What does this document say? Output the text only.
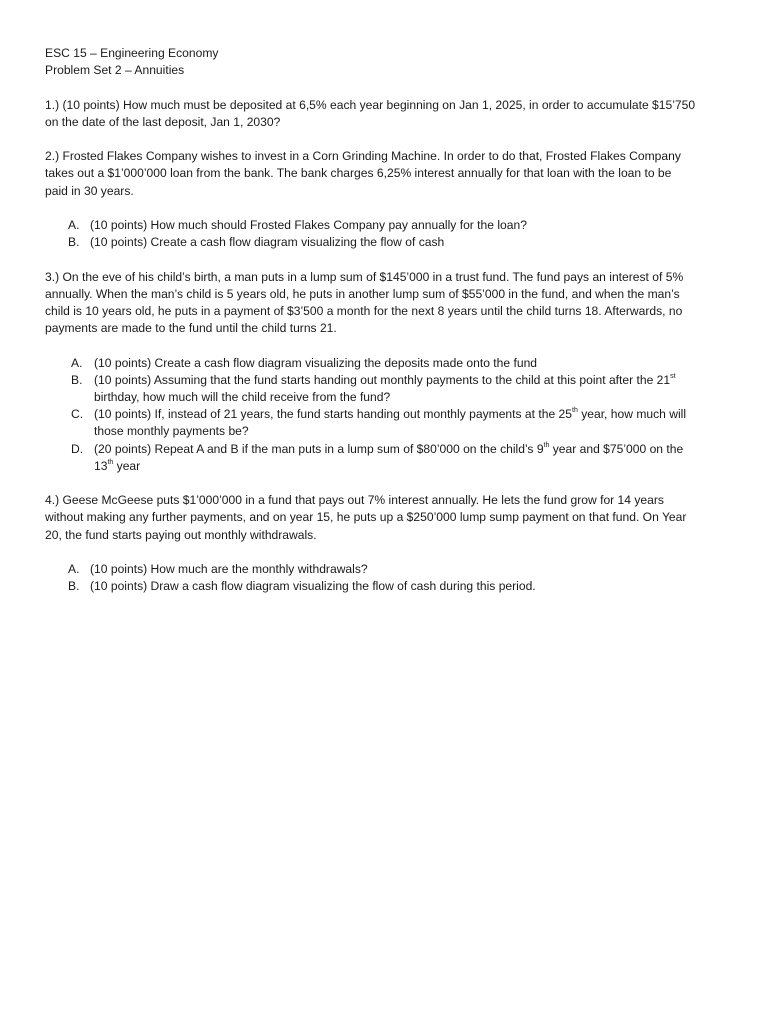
ESC 15 – Engineering Economy
Problem Set 2 – Annuities
1.) (10 points) How much must be deposited at 6,5% each year beginning on Jan 1, 2025, in order to accumulate $15’750
on the date of the last deposit, Jan 1, 2030?
2.) Frosted Flakes Company wishes to invest in a Corn Grinding Machine. In order to do that, Frosted Flakes Company
takes out a $1’000’000 loan from the bank. The bank charges 6,25% interest annually for that loan with the loan to be
paid in 30 years.
A. (10 points) How much should Frosted Flakes Company pay annually for the loan?
B. (10 points) Create a cash flow diagram visualizing the flow of cash
3.) On the eve of his child’s birth, a man puts in a lump sum of $145’000 in a trust fund. The fund pays an interest of 5%
annually. When the man’s child is 5 years old, he puts in another lump sum of $55’000 in the fund, and when the man’s
child is 10 years old, he puts in a payment of $3’500 a month for the next 8 years until the child turns 18. Afterwards, no
payments are made to the fund until the child turns 21.
A. (10 points) Create a cash flow diagram visualizing the deposits made onto the fund
B. (10 points) Assuming that the fund starts handing out monthly payments to the child at this point after the 21st
birthday, how much will the child receive from the fund?
C. (10 points) If, instead of 21 years, the fund starts handing out monthly payments at the 25th year, how much will
those monthly payments be?
D. (20 points) Repeat A and B if the man puts in a lump sum of $80’000 on the child’s 9th year and $75’000 on the
13th year
4.) Geese McGeese puts $1’000’000 in a fund that pays out 7% interest annually. He lets the fund grow for 14 years
without making any further payments, and on year 15, he puts up a $250’000 lump sump payment on that fund. On Year
20, the fund starts paying out monthly withdrawals.
A. (10 points) How much are the monthly withdrawals?
B. (10 points) Draw a cash flow diagram visualizing the flow of cash during this period.
